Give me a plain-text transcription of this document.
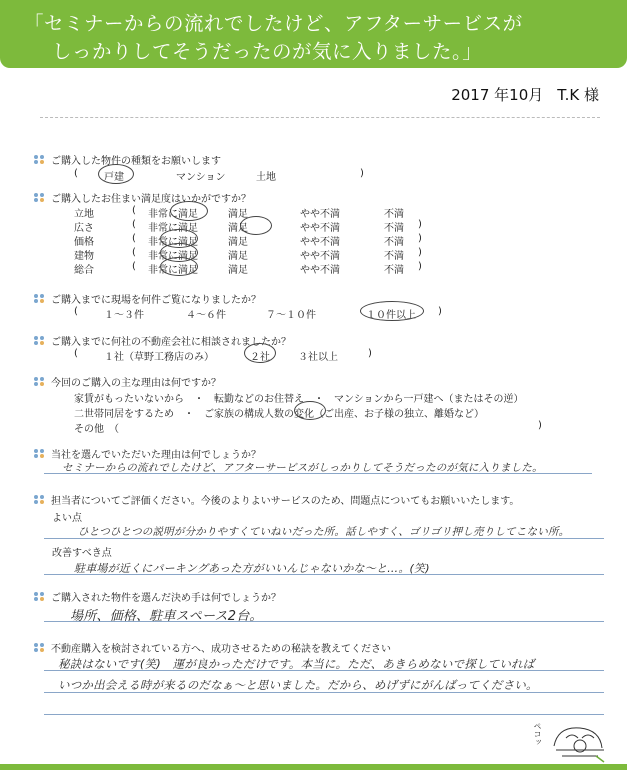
「セミナーからの流れでしたけど、アフターサービスが
しっかりしてそうだったのが気に入りました。」
2017 年10月 T.K 様
ご購入した物件の種類をお願いします
(	戸建	マンション	土地	)
ご購入したお住まい満足度はいかがですか？
立地	( 非常に満足	満足	やや不満	不満
広さ	( 非常に満足	満足	やや不満	不満 )
価格	( 非常に満足	満足	やや不満	不満 )
建物	( 非常に満足	満足	やや不満	不満 )
総合	( 非常に満足	満足	やや不満	不満 )
ご購入までに現場を何件ご覧になりましたか？
(	１～３件	４～６件	７～１０件	１０件以上 )
ご購入までに何社の不動産会社に相談されましたか？
(	１社（草野工務店のみ）	２社	３社以上	)
今回のご購入の主な理由は何ですか？
家賃がもったいないから　・　転勤などのお住替え　・　マンションから一戸建へ（またはその逆）
二世帯同居をするため　・　ご家族の構成人数の変化（ご出産、お子様の独立、離婚など）
その他　（	)
当社を選んでいただいた理由は何でしょうか？
セミナーからの流れでしたけど、アフターサービスがしっかりしてそうだったのが気に入りました。
担当者についてご評価ください。今後のよりよいサービスのため、問題点についてもお願いいたします。
よい点
ひとつひとつの説明が分かりやすくていねいだった所。話しやすく、ゴリゴリ押し売りしてこない所。
改善すべき点
駐車場が近くにパーキングあった方がいいんじゃないかな～と…。(笑)
ご購入された物件を選んだ決め手は何でしょうか？
場所、価格、駐車スペース2台。
不動産購入を検討されている方へ、成功させるための秘訣を教えてください
秘訣はないです(笑)　運が良かっただけです。本当に。ただ、あきらめないで探していれば
いつか出会える時が来るのだなぁ～と思いました。だから、めげずにがんばってください。
ペコッ
